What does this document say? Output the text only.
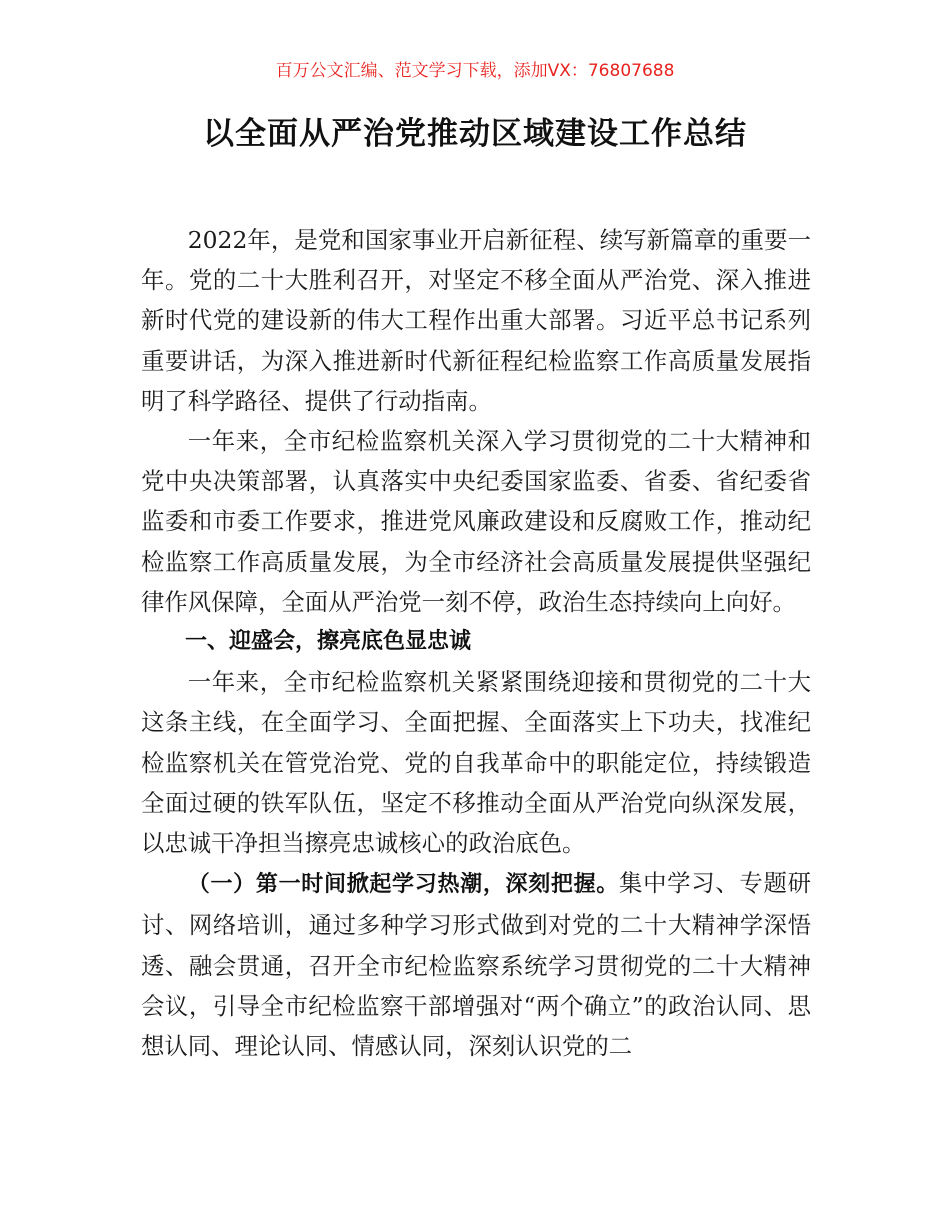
百万公文汇编、范文学习下载，添加VX：76807688
以全面从严治党推动区域建设工作总结

2022年，是党和国家事业开启新征程、续写新篇章的重要一年。党的二十大胜利召开，对坚定不移全面从严治党、深入推进新时代党的建设新的伟大工程作出重大部署。习近平总书记系列重要讲话，为深入推进新时代新征程纪检监察工作高质量发展指明了科学路径、提供了行动指南。

一年来，全市纪检监察机关深入学习贯彻党的二十大精神和党中央决策部署，认真落实中央纪委国家监委、省委、省纪委省监委和市委工作要求，推进党风廉政建设和反腐败工作，推动纪检监察工作高质量发展，为全市经济社会高质量发展提供坚强纪律作风保障，全面从严治党一刻不停，政治生态持续向上向好。

一、迎盛会，擦亮底色显忠诚

一年来，全市纪检监察机关紧紧围绕迎接和贯彻党的二十大这条主线，在全面学习、全面把握、全面落实上下功夫，找准纪检监察机关在管党治党、党的自我革命中的职能定位，持续锻造全面过硬的铁军队伍，坚定不移推动全面从严治党向纵深发展，以忠诚干净担当擦亮忠诚核心的政治底色。

（一）第一时间掀起学习热潮，深刻把握。集中学习、专题研讨、网络培训，通过多种学习形式做到对党的二十大精神学深悟透、融会贯通，召开全市纪检监察系统学习贯彻党的二十大精神会议，引导全市纪检监察干部增强对“两个确立”的政治认同、思想认同、理论认同、情感认同，深刻认识党的二
